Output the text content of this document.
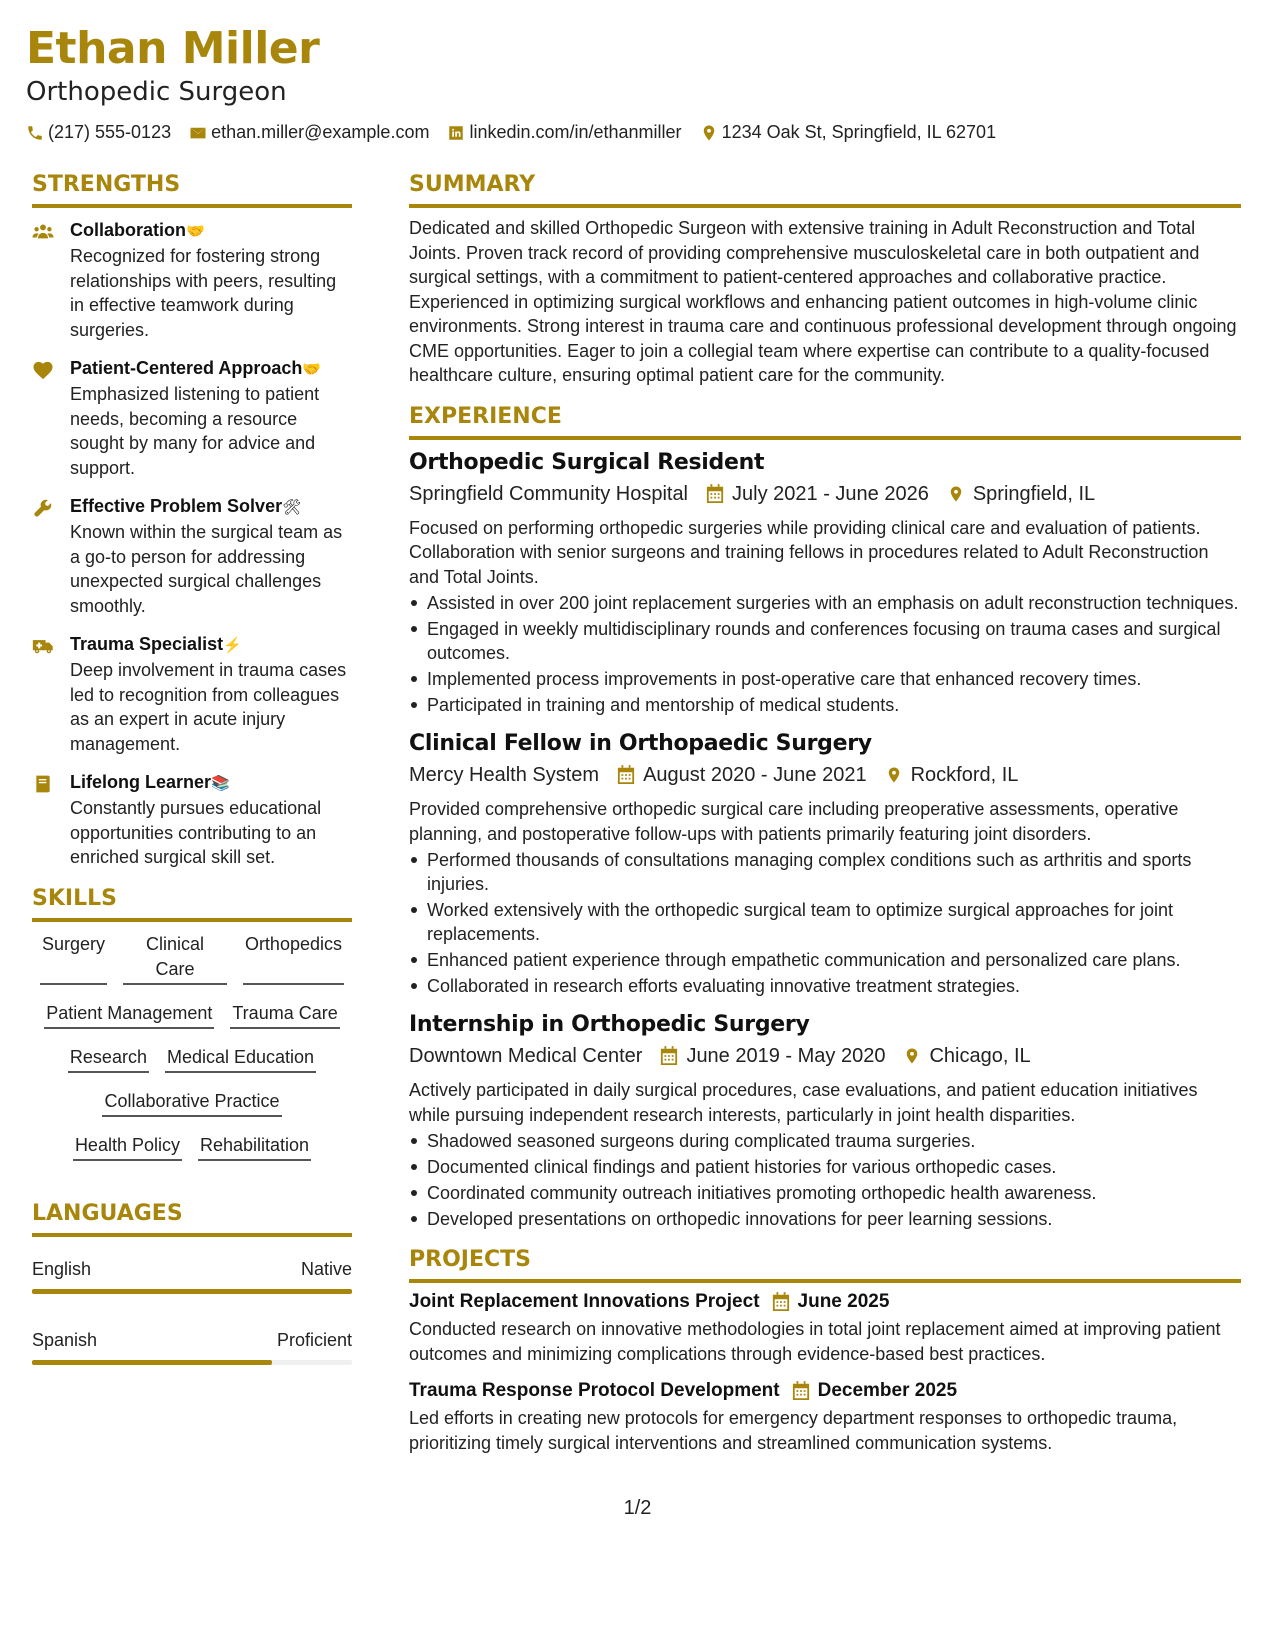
Ethan Miller
Orthopedic Surgeon
(217) 555-0123 ethan.miller@example.com linkedin.com/in/ethanmiller 1234 Oak St, Springfield, IL 62701
STRENGTHS
Collaboration🤝
Recognized for fostering strong relationships with peers, resulting in effective teamwork during surgeries.
Patient-Centered Approach🤝
Emphasized listening to patient needs, becoming a resource sought by many for advice and support.
Effective Problem Solver🛠
Known within the surgical team as a go-to person for addressing unexpected surgical challenges smoothly.
Trauma Specialist⚡
Deep involvement in trauma cases led to recognition from colleagues as an expert in acute injury management.
Lifelong Learner📚
Constantly pursues educational opportunities contributing to an enriched surgical skill set.
SKILLS
Surgery	Clinical Care
Orthopedics
Patient Management Trauma Care
Research Medical Education
Collaborative Practice
Health Policy Rehabilitation
LANGUAGES
English	Native
Spanish	Proficient
SUMMARY
Dedicated and skilled Orthopedic Surgeon with extensive training in Adult Reconstruction and Total Joints. Proven track record of providing comprehensive musculoskeletal care in both outpatient and surgical settings, with a commitment to patient-centered approaches and collaborative practice. Experienced in optimizing surgical workflows and enhancing patient outcomes in high-volume clinic environments. Strong interest in trauma care and continuous professional development through ongoing CME opportunities. Eager to join a collegial team where expertise can contribute to a quality-focused healthcare culture, ensuring optimal patient care for the community.
EXPERIENCE
Orthopedic Surgical Resident
Springfield Community Hospital July 2021 - June 2026 Springfield, IL
Focused on performing orthopedic surgeries while providing clinical care and evaluation of patients. Collaboration with senior surgeons and training fellows in procedures related to Adult Reconstruction and Total Joints.
Assisted in over 200 joint replacement surgeries with an emphasis on adult reconstruction techniques.
Engaged in weekly multidisciplinary rounds and conferences focusing on trauma cases and surgical outcomes.
Implemented process improvements in post-operative care that enhanced recovery times.
Participated in training and mentorship of medical students.
Clinical Fellow in Orthopaedic Surgery
Mercy Health System August 2020 - June 2021 Rockford, IL
Provided comprehensive orthopedic surgical care including preoperative assessments, operative planning, and postoperative follow-ups with patients primarily featuring joint disorders.
Performed thousands of consultations managing complex conditions such as arthritis and sports injuries.
Worked extensively with the orthopedic surgical team to optimize surgical approaches for joint replacements.
Enhanced patient experience through empathetic communication and personalized care plans.
Collaborated in research efforts evaluating innovative treatment strategies.
Internship in Orthopedic Surgery
Downtown Medical Center June 2019 - May 2020 Chicago, IL
Actively participated in daily surgical procedures, case evaluations, and patient education initiatives while pursuing independent research interests, particularly in joint health disparities.
Shadowed seasoned surgeons during complicated trauma surgeries.
Documented clinical findings and patient histories for various orthopedic cases.
Coordinated community outreach initiatives promoting orthopedic health awareness.
Developed presentations on orthopedic innovations for peer learning sessions.
PROJECTS
Joint Replacement Innovations Project June 2025
Conducted research on innovative methodologies in total joint replacement aimed at improving patient outcomes and minimizing complications through evidence-based best practices.
Trauma Response Protocol Development December 2025
Led efforts in creating new protocols for emergency department responses to orthopedic trauma, prioritizing timely surgical interventions and streamlined communication systems.
1/2
